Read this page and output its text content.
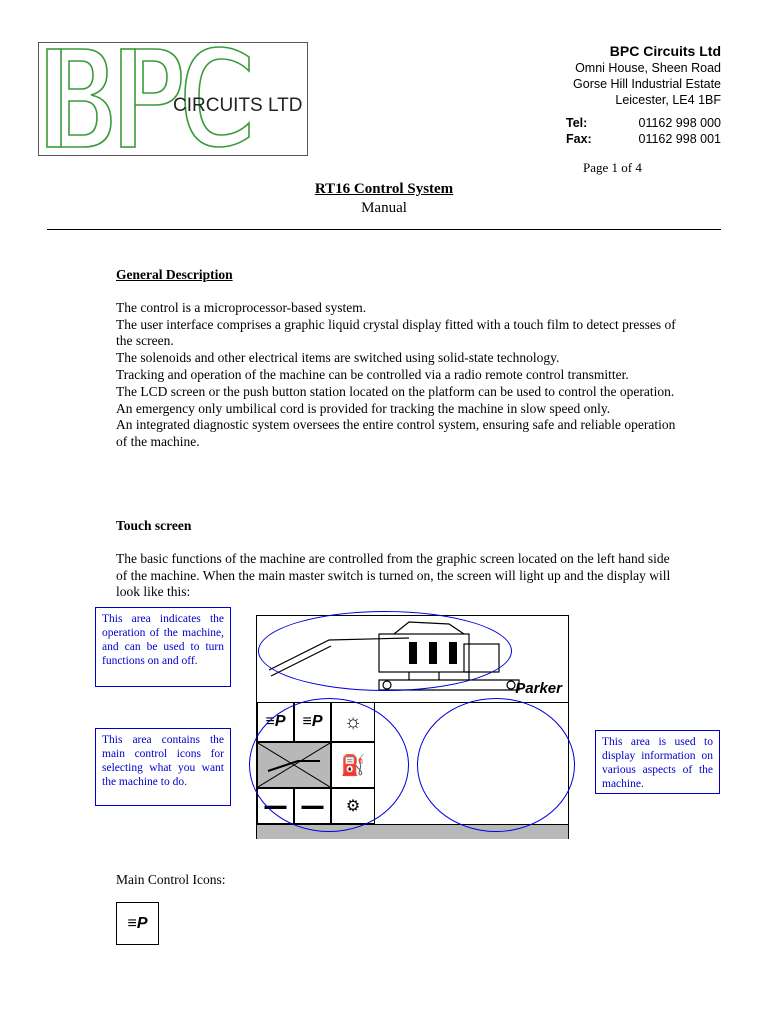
CIRCUITS LTD
BPC Circuits Ltd
Omni House, Sheen Road
Gorse Hill Industrial Estate
Leicester, LE4 1BF
Tel:	01162 998 000
Fax:	01162 998 001
Page 1 of 4
RT16 Control System
Manual

General Description

The control is a microprocessor-based system.

The user interface comprises a graphic liquid crystal display fitted with a touch film to detect presses of the screen.

The solenoids and other electrical items are switched using solid-state technology.

Tracking and operation of the machine can be controlled via a radio remote control transmitter.

The LCD screen or the push button station located on the platform can be used to control the operation.

An emergency only umbilical cord is provided for tracking the machine in slow speed only.

An integrated diagnostic system oversees the entire control system, ensuring safe and reliable operation of the machine.

Touch screen

The basic functions of the machine are controlled from the graphic screen located on the left hand side of the machine. When the main master switch is turned on, the screen will light up and the display will look like this:

Parker
≡P ≡P ☼
⛽
▬▬ ▬▬ ⚙
This area indicates the operation of the machine, and can be used to turn functions on and off.
This area contains the main control icons for selecting what you want the machine to do.
This area is used to display information on various aspects of the machine.
Main Control Icons:
≡P
